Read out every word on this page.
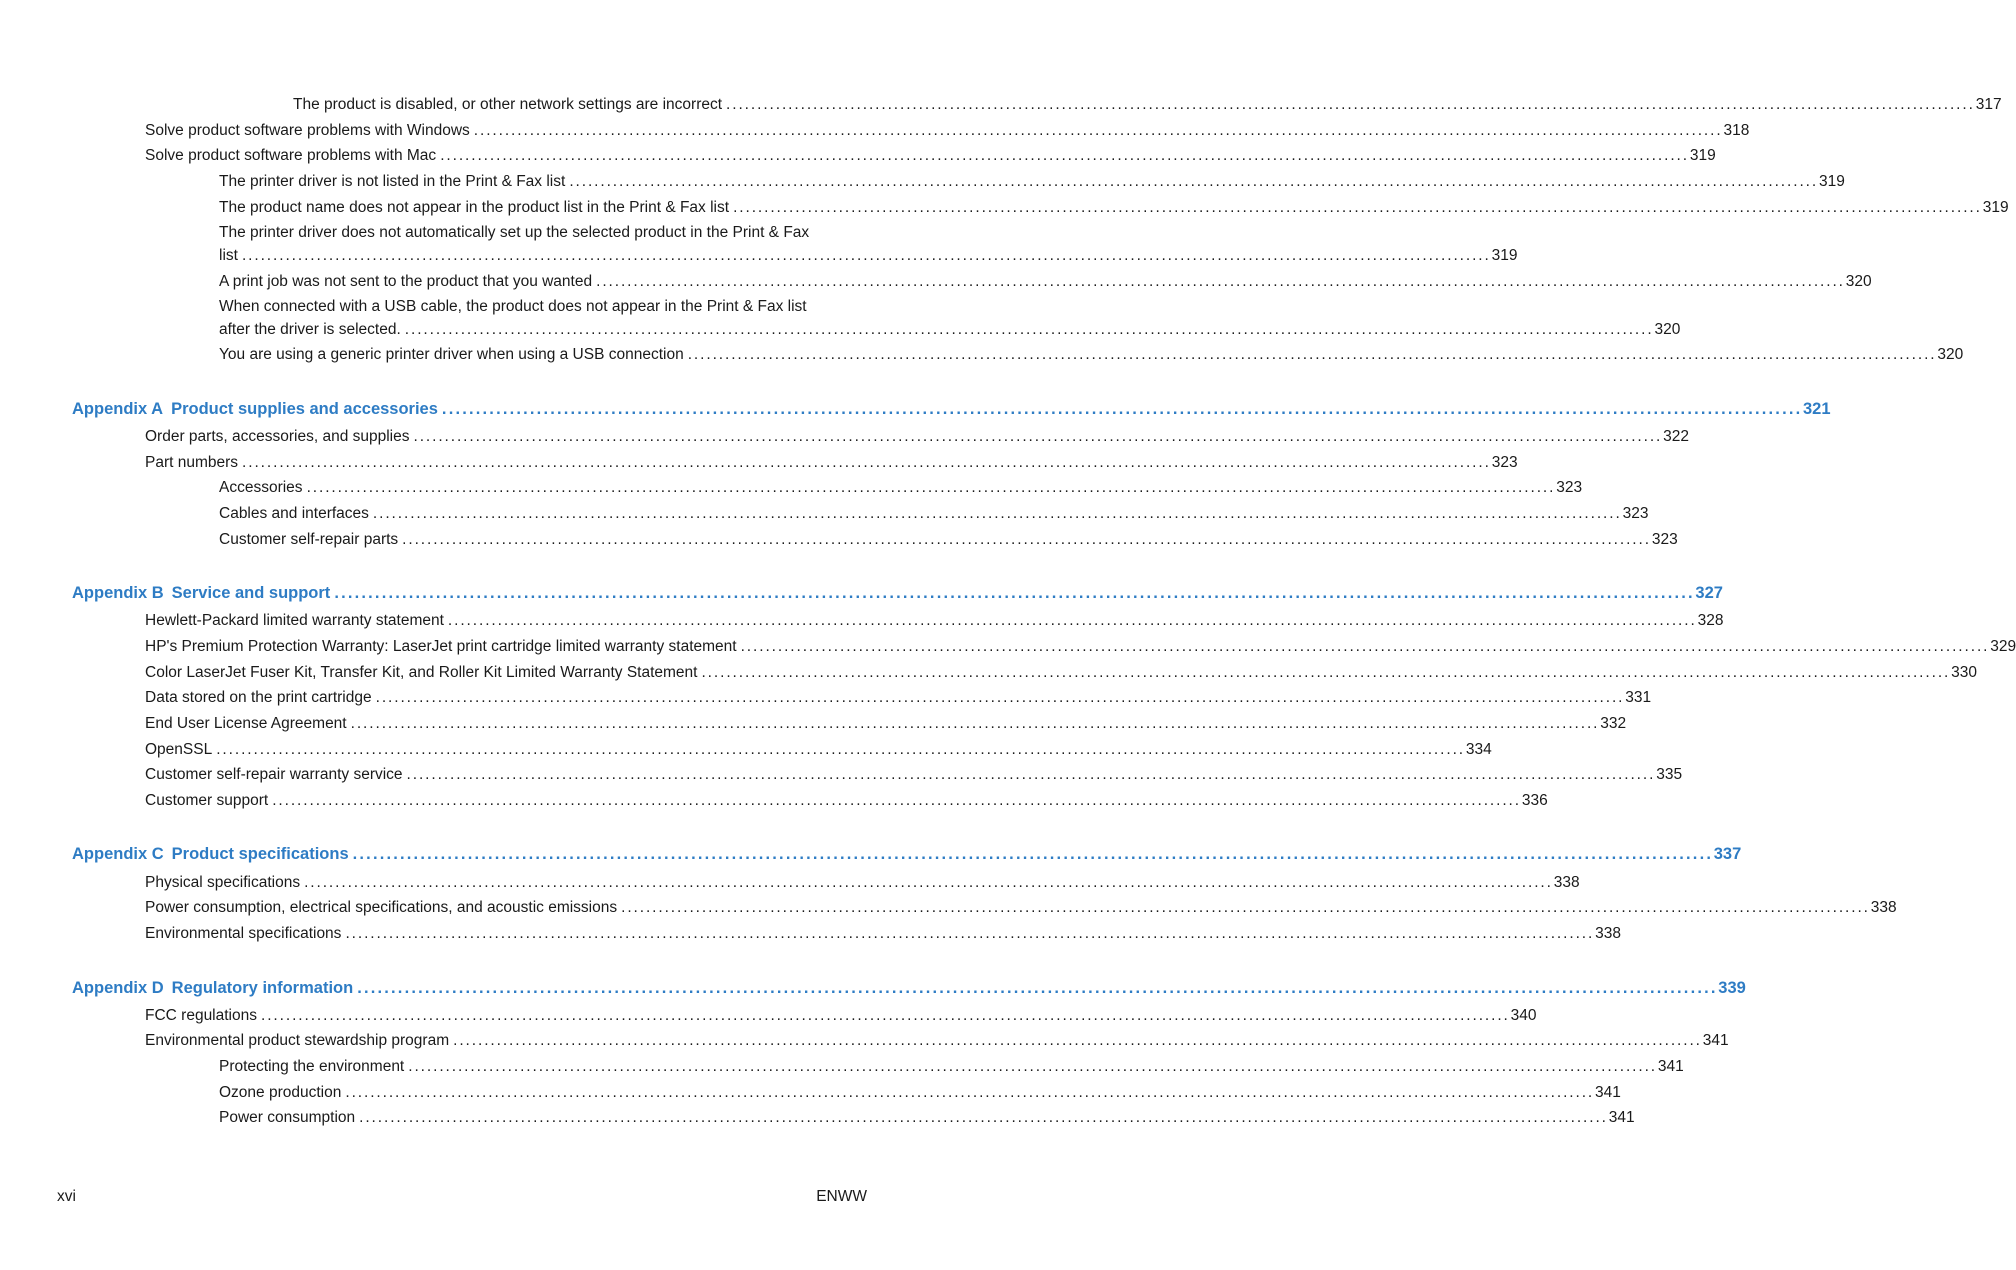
The product is disabled, or other network settings are incorrect . . .	317
Solve product software problems with Windows . . .	318
Solve product software problems with Mac . . .	319
The printer driver is not listed in the Print & Fax list . . .	319
The product name does not appear in the product list in the Print & Fax list . . .	319
The printer driver does not automatically set up the selected product in the Print & Fax
list . . .	319
A print job was not sent to the product that you wanted . . .	320
When connected with a USB cable, the product does not appear in the Print & Fax list
after the driver is selected. . . .	320
You are using a generic printer driver when using a USB connection . . .	320
Appendix A Product supplies and accessories . . .	321
Order parts, accessories, and supplies . . .	322
Part numbers . . .	323
Accessories . . .	323
Cables and interfaces . . .	323
Customer self-repair parts . . .	323
Appendix B Service and support . . .	327
Hewlett-Packard limited warranty statement . . .	328
HP's Premium Protection Warranty: LaserJet print cartridge limited warranty statement . . .	329
Color LaserJet Fuser Kit, Transfer Kit, and Roller Kit Limited Warranty Statement . . .	330
Data stored on the print cartridge . . .	331
End User License Agreement . . .	332
OpenSSL . . .	334
Customer self-repair warranty service . . .	335
Customer support . . .	336
Appendix C Product specifications . . .	337
Physical specifications . . .	338
Power consumption, electrical specifications, and acoustic emissions . . .	338
Environmental specifications . . .	338
Appendix D Regulatory information . . .	339
FCC regulations . . .	340
Environmental product stewardship program . . .	341
Protecting the environment . . .	341
Ozone production . . .	341
Power consumption . . .	341
xvi	ENWW
